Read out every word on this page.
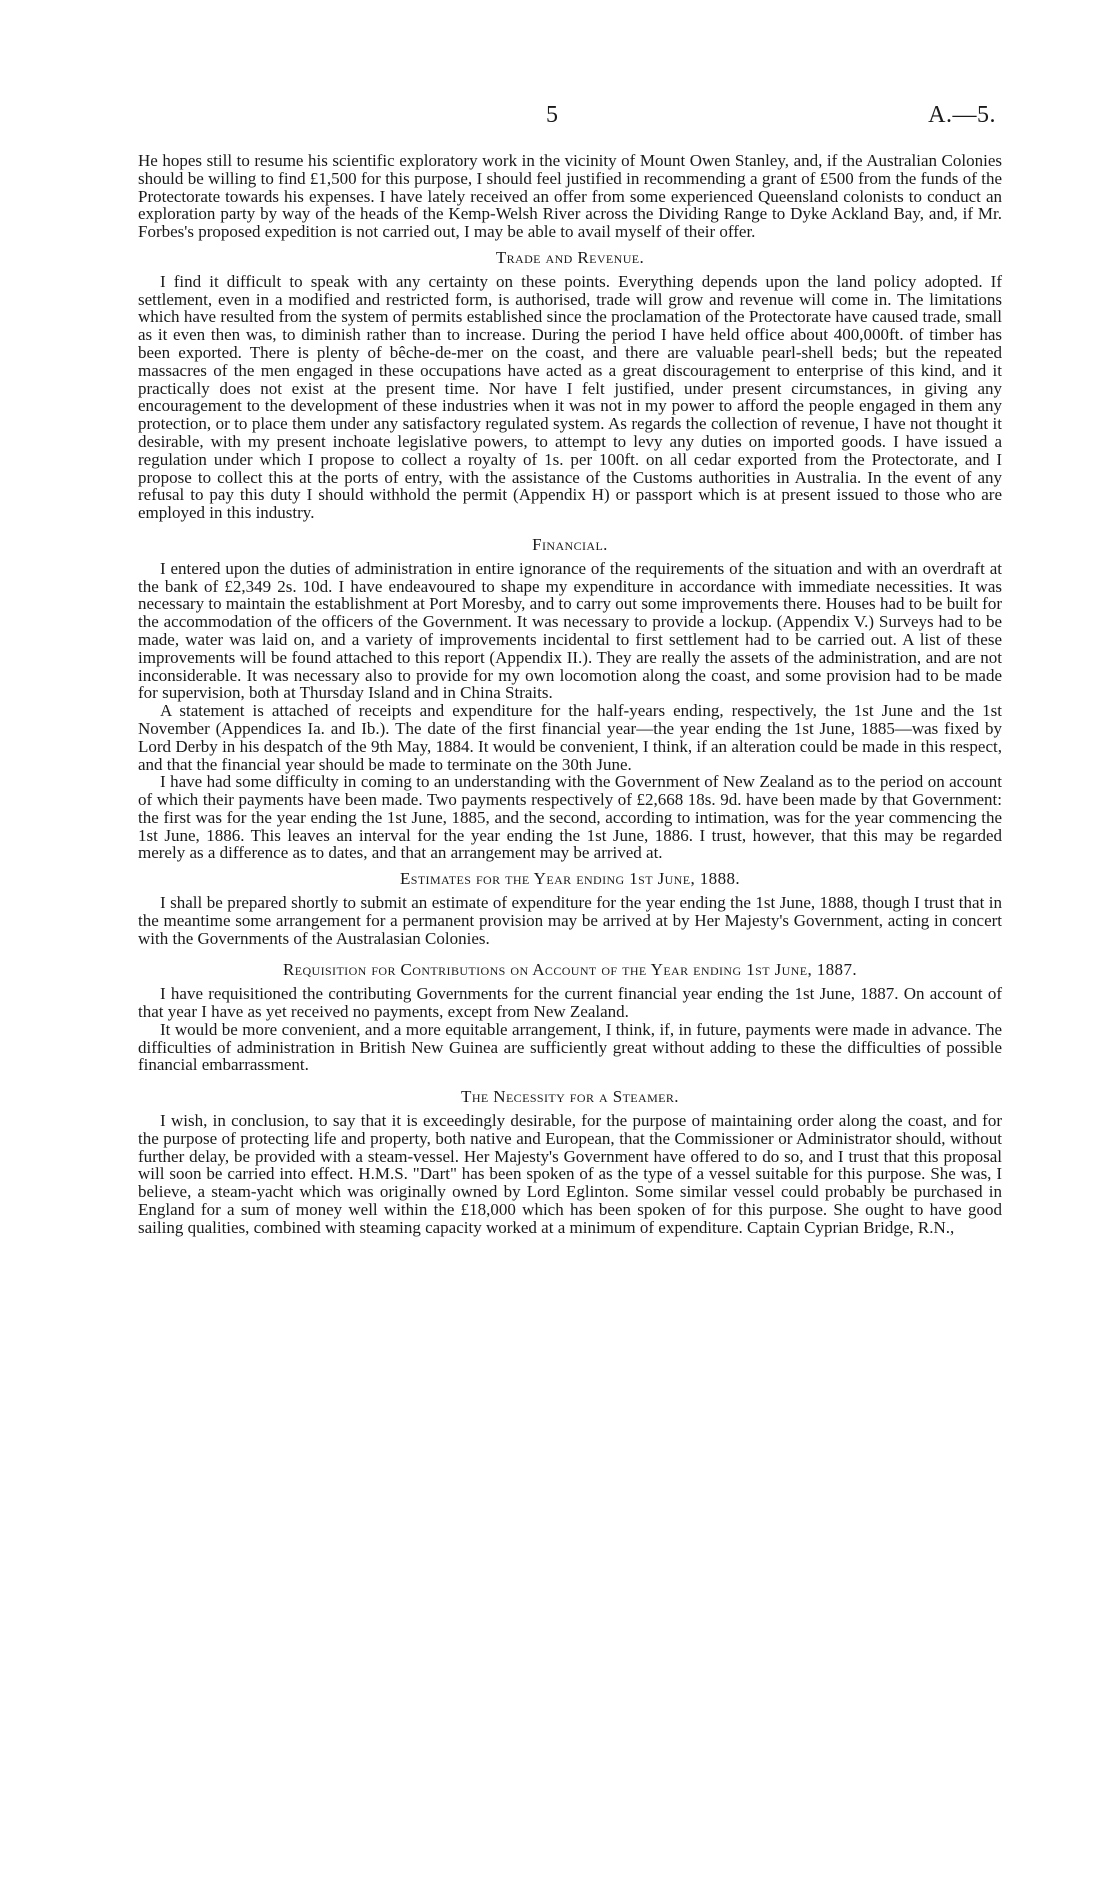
5	A.—5.

He hopes still to resume his scientific exploratory work in the vicinity of Mount Owen Stanley, and, if the Australian Colonies should be willing to find £1,500 for this purpose, I should feel justified in recommending a grant of £500 from the funds of the Protectorate towards his expenses. I have lately received an offer from some experienced Queensland colonists to conduct an exploration party by way of the heads of the Kemp-Welsh River across the Dividing Range to Dyke Ackland Bay, and, if Mr. Forbes's proposed expedition is not carried out, I may be able to avail myself of their offer.

Trade and Revenue.

I find it difficult to speak with any certainty on these points. Everything depends upon the land policy adopted. If settlement, even in a modified and restricted form, is authorised, trade will grow and revenue will come in. The limitations which have resulted from the system of permits established since the proclamation of the Protectorate have caused trade, small as it even then was, to diminish rather than to increase. During the period I have held office about 400,000ft. of timber has been exported. There is plenty of bêche-de-mer on the coast, and there are valuable pearl-shell beds; but the repeated massacres of the men engaged in these occupations have acted as a great discouragement to enterprise of this kind, and it practically does not exist at the present time. Nor have I felt justified, under present circumstances, in giving any encouragement to the development of these industries when it was not in my power to afford the people engaged in them any protection, or to place them under any satisfactory regulated system. As regards the collection of revenue, I have not thought it desirable, with my present inchoate legislative powers, to attempt to levy any duties on imported goods. I have issued a regulation under which I propose to collect a royalty of 1s. per 100ft. on all cedar exported from the Protectorate, and I propose to collect this at the ports of entry, with the assistance of the Customs authorities in Australia. In the event of any refusal to pay this duty I should withhold the permit (Appendix H) or passport which is at present issued to those who are employed in this industry.

Financial.

I entered upon the duties of administration in entire ignorance of the requirements of the situation and with an overdraft at the bank of £2,349 2s. 10d. I have endeavoured to shape my expenditure in accordance with immediate necessities. It was necessary to maintain the establishment at Port Moresby, and to carry out some improvements there. Houses had to be built for the accommodation of the officers of the Government. It was necessary to provide a lockup. (Appendix V.) Surveys had to be made, water was laid on, and a variety of improvements incidental to first settlement had to be carried out. A list of these improvements will be found attached to this report (Appendix II.). They are really the assets of the administration, and are not inconsiderable. It was necessary also to provide for my own locomotion along the coast, and some provision had to be made for supervision, both at Thursday Island and in China Straits.

A statement is attached of receipts and expenditure for the half-years ending, respectively, the 1st June and the 1st November (Appendices Ia. and Ib.). The date of the first financial year—the year ending the 1st June, 1885—was fixed by Lord Derby in his despatch of the 9th May, 1884. It would be convenient, I think, if an alteration could be made in this respect, and that the financial year should be made to terminate on the 30th June.

I have had some difficulty in coming to an understanding with the Government of New Zealand as to the period on account of which their payments have been made. Two payments respectively of £2,668 18s. 9d. have been made by that Government: the first was for the year ending the 1st June, 1885, and the second, according to intimation, was for the year commencing the 1st June, 1886. This leaves an interval for the year ending the 1st June, 1886. I trust, however, that this may be regarded merely as a difference as to dates, and that an arrangement may be arrived at.

Estimates for the Year ending 1st June, 1888.

I shall be prepared shortly to submit an estimate of expenditure for the year ending the 1st June, 1888, though I trust that in the meantime some arrangement for a permanent provision may be arrived at by Her Majesty's Government, acting in concert with the Governments of the Australasian Colonies.

Requisition for Contributions on Account of the Year ending 1st June, 1887.

I have requisitioned the contributing Governments for the current financial year ending the 1st June, 1887. On account of that year I have as yet received no payments, except from New Zealand.

It would be more convenient, and a more equitable arrangement, I think, if, in future, payments were made in advance. The difficulties of administration in British New Guinea are sufficiently great without adding to these the difficulties of possible financial embarrassment.

The Necessity for a Steamer.

I wish, in conclusion, to say that it is exceedingly desirable, for the purpose of maintaining order along the coast, and for the purpose of protecting life and property, both native and European, that the Commissioner or Administrator should, without further delay, be provided with a steam-vessel. Her Majesty's Government have offered to do so, and I trust that this proposal will soon be carried into effect. H.M.S. "Dart" has been spoken of as the type of a vessel suitable for this purpose. She was, I believe, a steam-yacht which was originally owned by Lord Eglinton. Some similar vessel could probably be purchased in England for a sum of money well within the £18,000 which has been spoken of for this purpose. She ought to have good sailing qualities, combined with steaming capacity worked at a minimum of expenditure. Captain Cyprian Bridge, R.N.,
